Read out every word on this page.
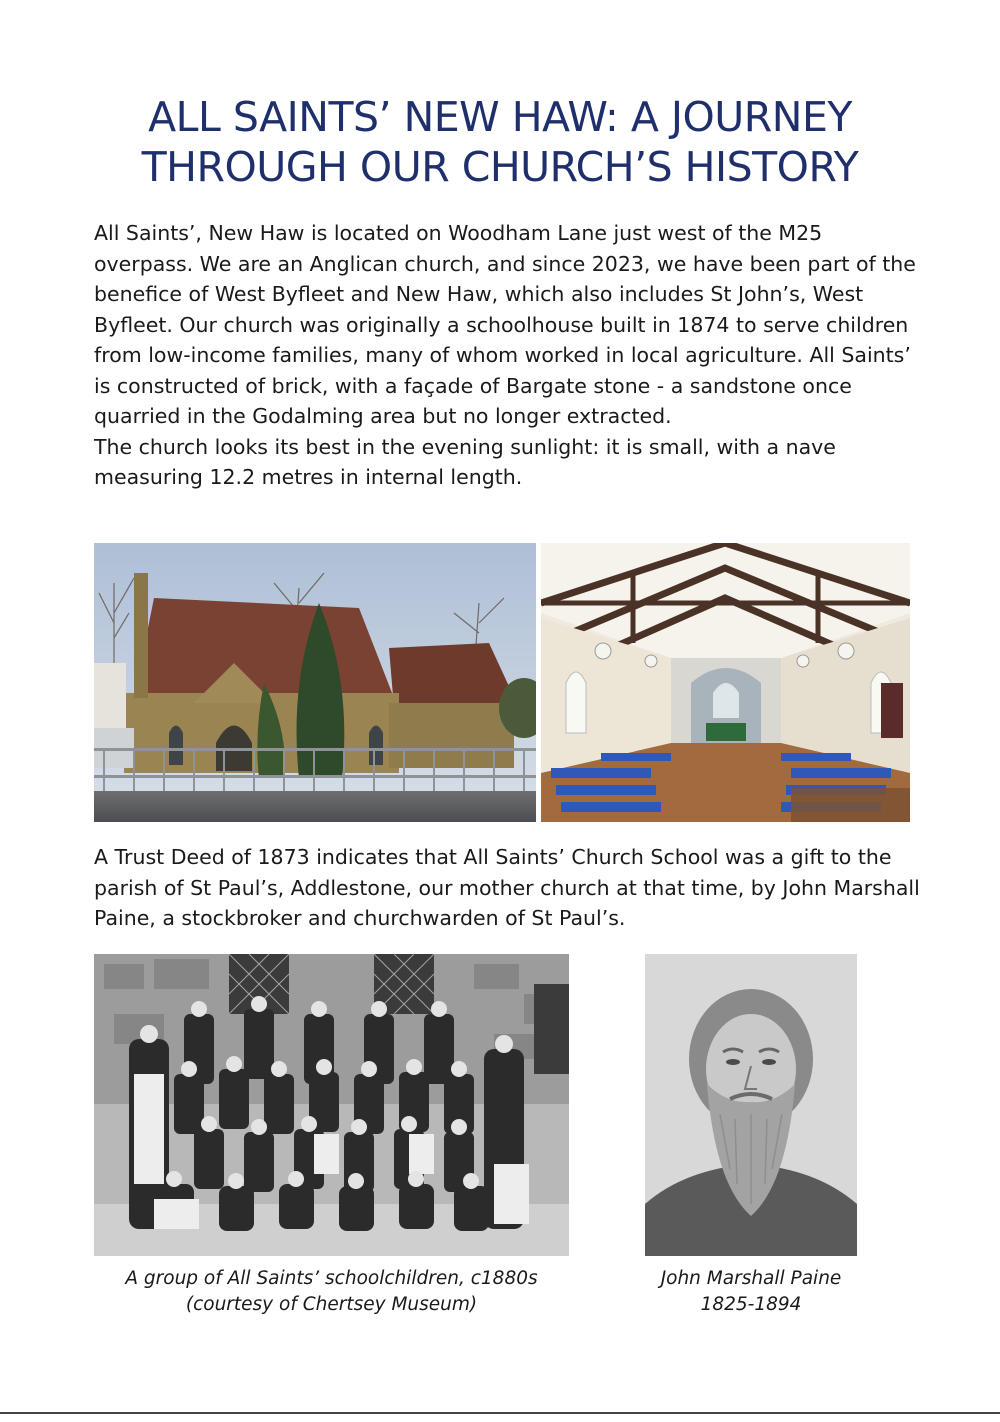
ALL SAINTS’ NEW HAW: A JOURNEY
THROUGH OUR CHURCH’S HISTORY

All Saints’, New Haw is located on Woodham Lane just west of the M25 overpass. We are an Anglican church, and since 2023, we have been part of the benefice of West Byfleet and New Haw, which also includes St John’s, West Byfleet. Our church was originally a schoolhouse built in 1874 to serve children from low-income families, many of whom worked in local agriculture. All Saints’ is constructed of brick, with a façade of Bargate stone - a sandstone once quarried in the Godalming area but no longer extracted.

The church looks its best in the evening sunlight: it is small, with a nave measuring 12.2 metres in internal length.

A Trust Deed of 1873 indicates that All Saints’ Church School was a gift to the parish of St Paul’s, Addlestone, our mother church at that time, by John Marshall Paine, a stockbroker and churchwarden of St Paul’s.

A group of All Saints’ schoolchildren, c1880s
(courtesy of Chertsey Museum)
John Marshall Paine
1825-1894
